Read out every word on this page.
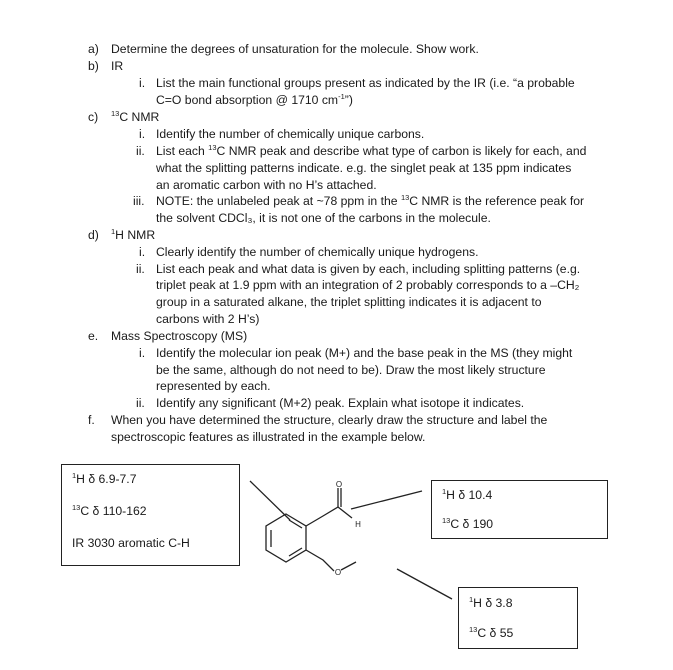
a) Determine the degrees of unsaturation for the molecule. Show work.
b) IR
i. List the main functional groups present as indicated by the IR (i.e. “a probable
C=O bond absorption @ 1710 $cm^{-1}$”)
c) $^{13}$C NMR
i. Identify the number of chemically unique carbons.
ii. List each $^{13}$C NMR peak and describe what type of carbon is likely for each, and
what the splitting patterns indicate. e.g. the singlet peak at 135 ppm indicates
an aromatic carbon with no H’s attached.
iii. NOTE: the unlabeled peak at ~78 ppm in the $^{13}$C NMR is the reference peak for
the solvent CDCl₃, it is not one of the carbons in the molecule.
d) $^1$H NMR
i. Clearly identify the number of chemically unique hydrogens.
ii. List each peak and what data is given by each, including splitting patterns (e.g.
triplet peak at 1.9 ppm with an integration of 2 probably corresponds to a –CH₂
group in a saturated alkane, the triplet splitting indicates it is adjacent to
carbons with 2 H’s)
e. Mass Spectroscopy (MS)
i. Identify the molecular ion peak (M+) and the base peak in the MS (they might
be the same, although do not need to be). Draw the most likely structure
represented by each.
ii. Identify any significant (M+2) peak. Explain what isotope it indicates.
f. When you have determined the structure, clearly draw the structure and label the
spectroscopic features as illustrated in the example below.
$^1$H δ 6.9-7.7
$^{13}$C δ 110-162
IR 3030 aromatic C-H
$^1$H δ 10.4
$^{13}$C δ 190
$^1$H δ 3.8
$^{13}$C δ 55
O
H
O
